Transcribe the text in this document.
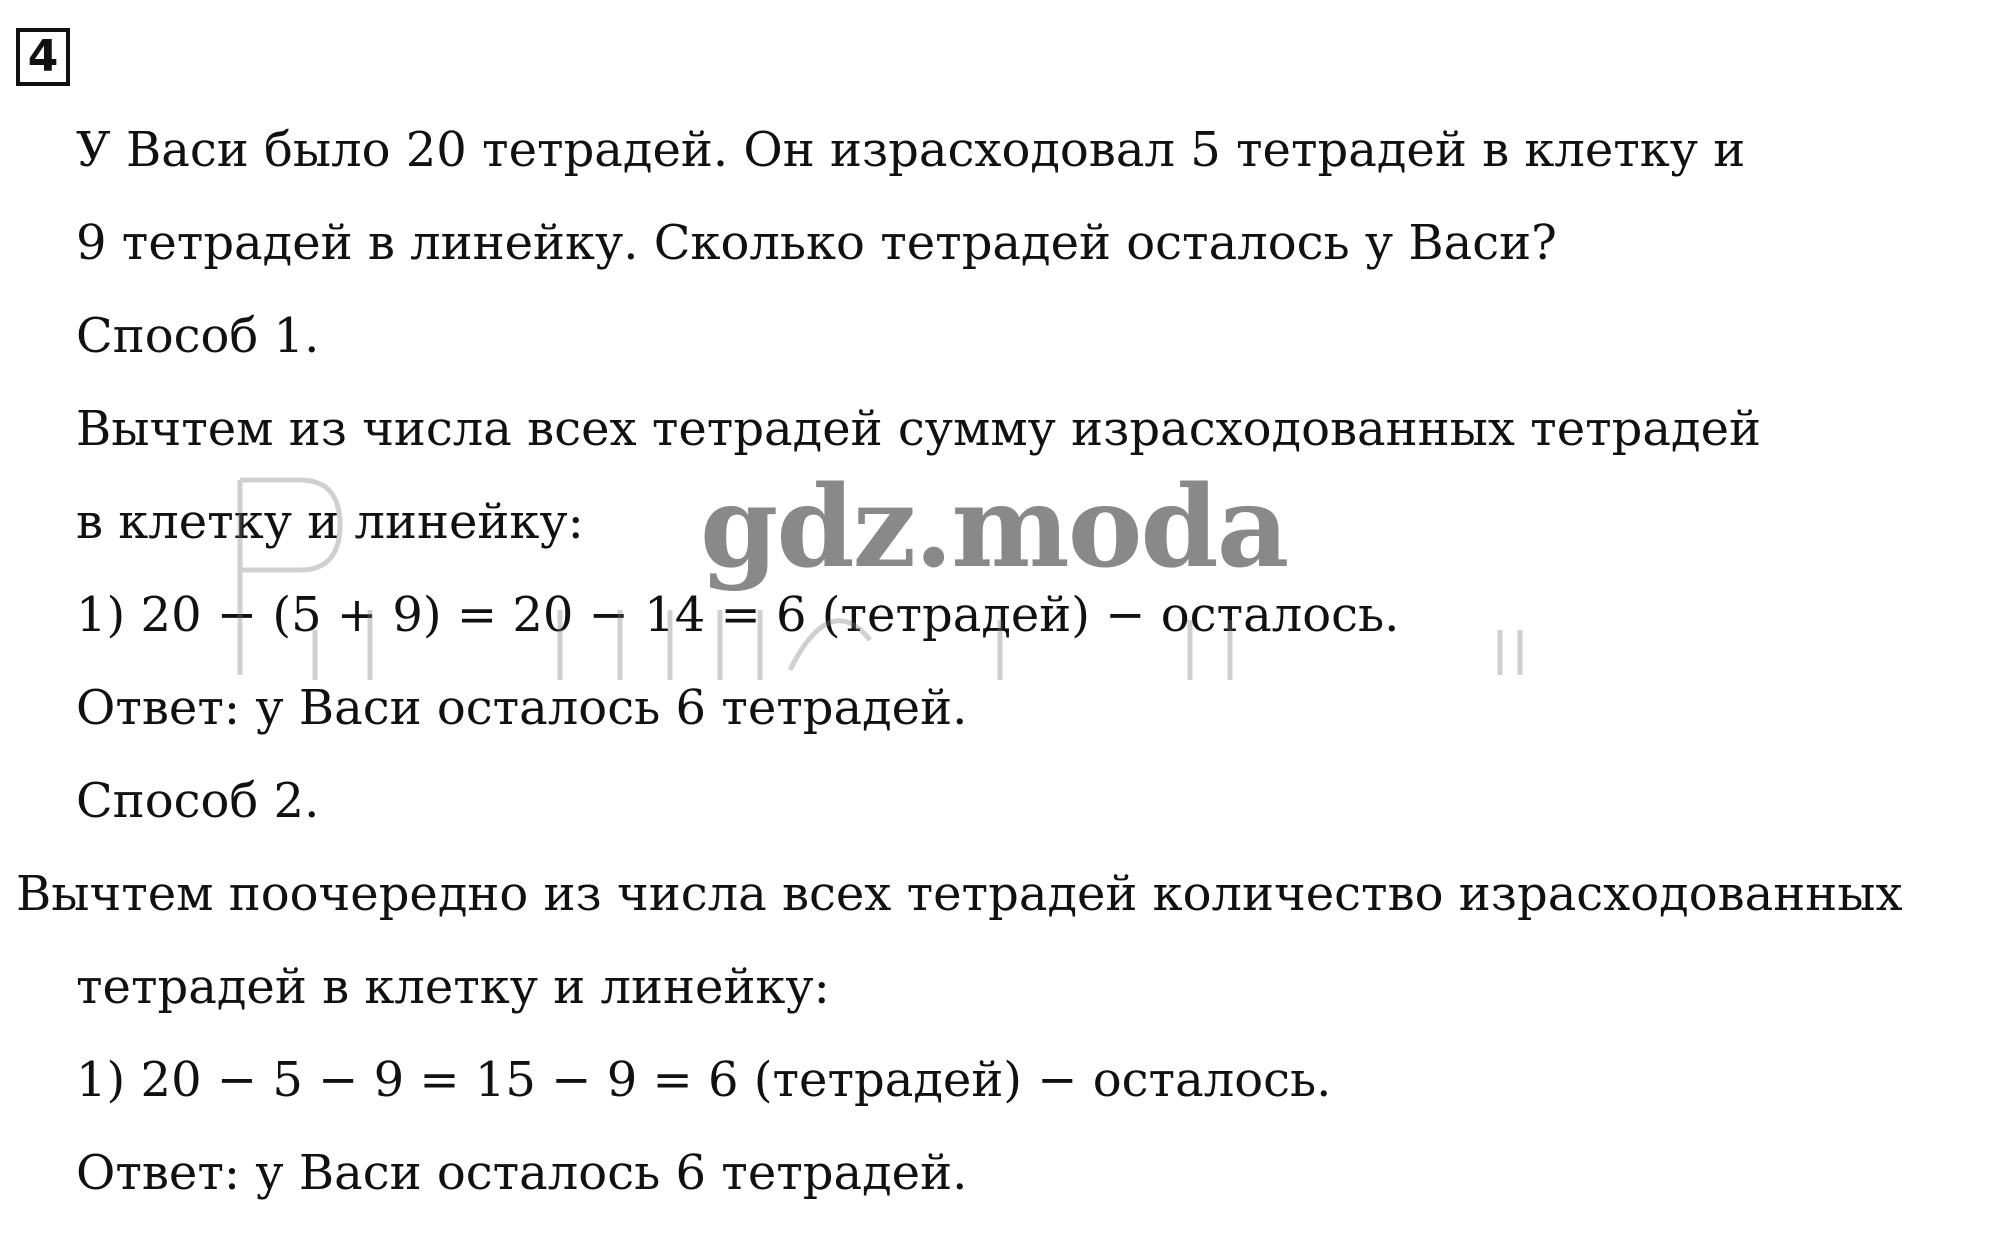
4
У Васи было 20 тетрадей. Он израсходовал 5 тетрадей в клетку и
9 тетрадей в линейку. Сколько тетрадей осталось у Васи?
Способ 1.
Вычтем из числа всех тетрадей сумму израсходованных тетрадей
в клетку и линейку:
1) 20 − (5 + 9) = 20 − 14 = 6 (тетрадей) − осталось.
Ответ: у Васи осталось 6 тетрадей.
Способ 2.
Вычтем поочередно из числа всех тетрадей количество израсходованных
тетрадей в клетку и линейку:
1) 20 − 5 − 9 = 15 − 9 = 6 (тетрадей) − осталось.
Ответ: у Васи осталось 6 тетрадей.
gdz.moda
